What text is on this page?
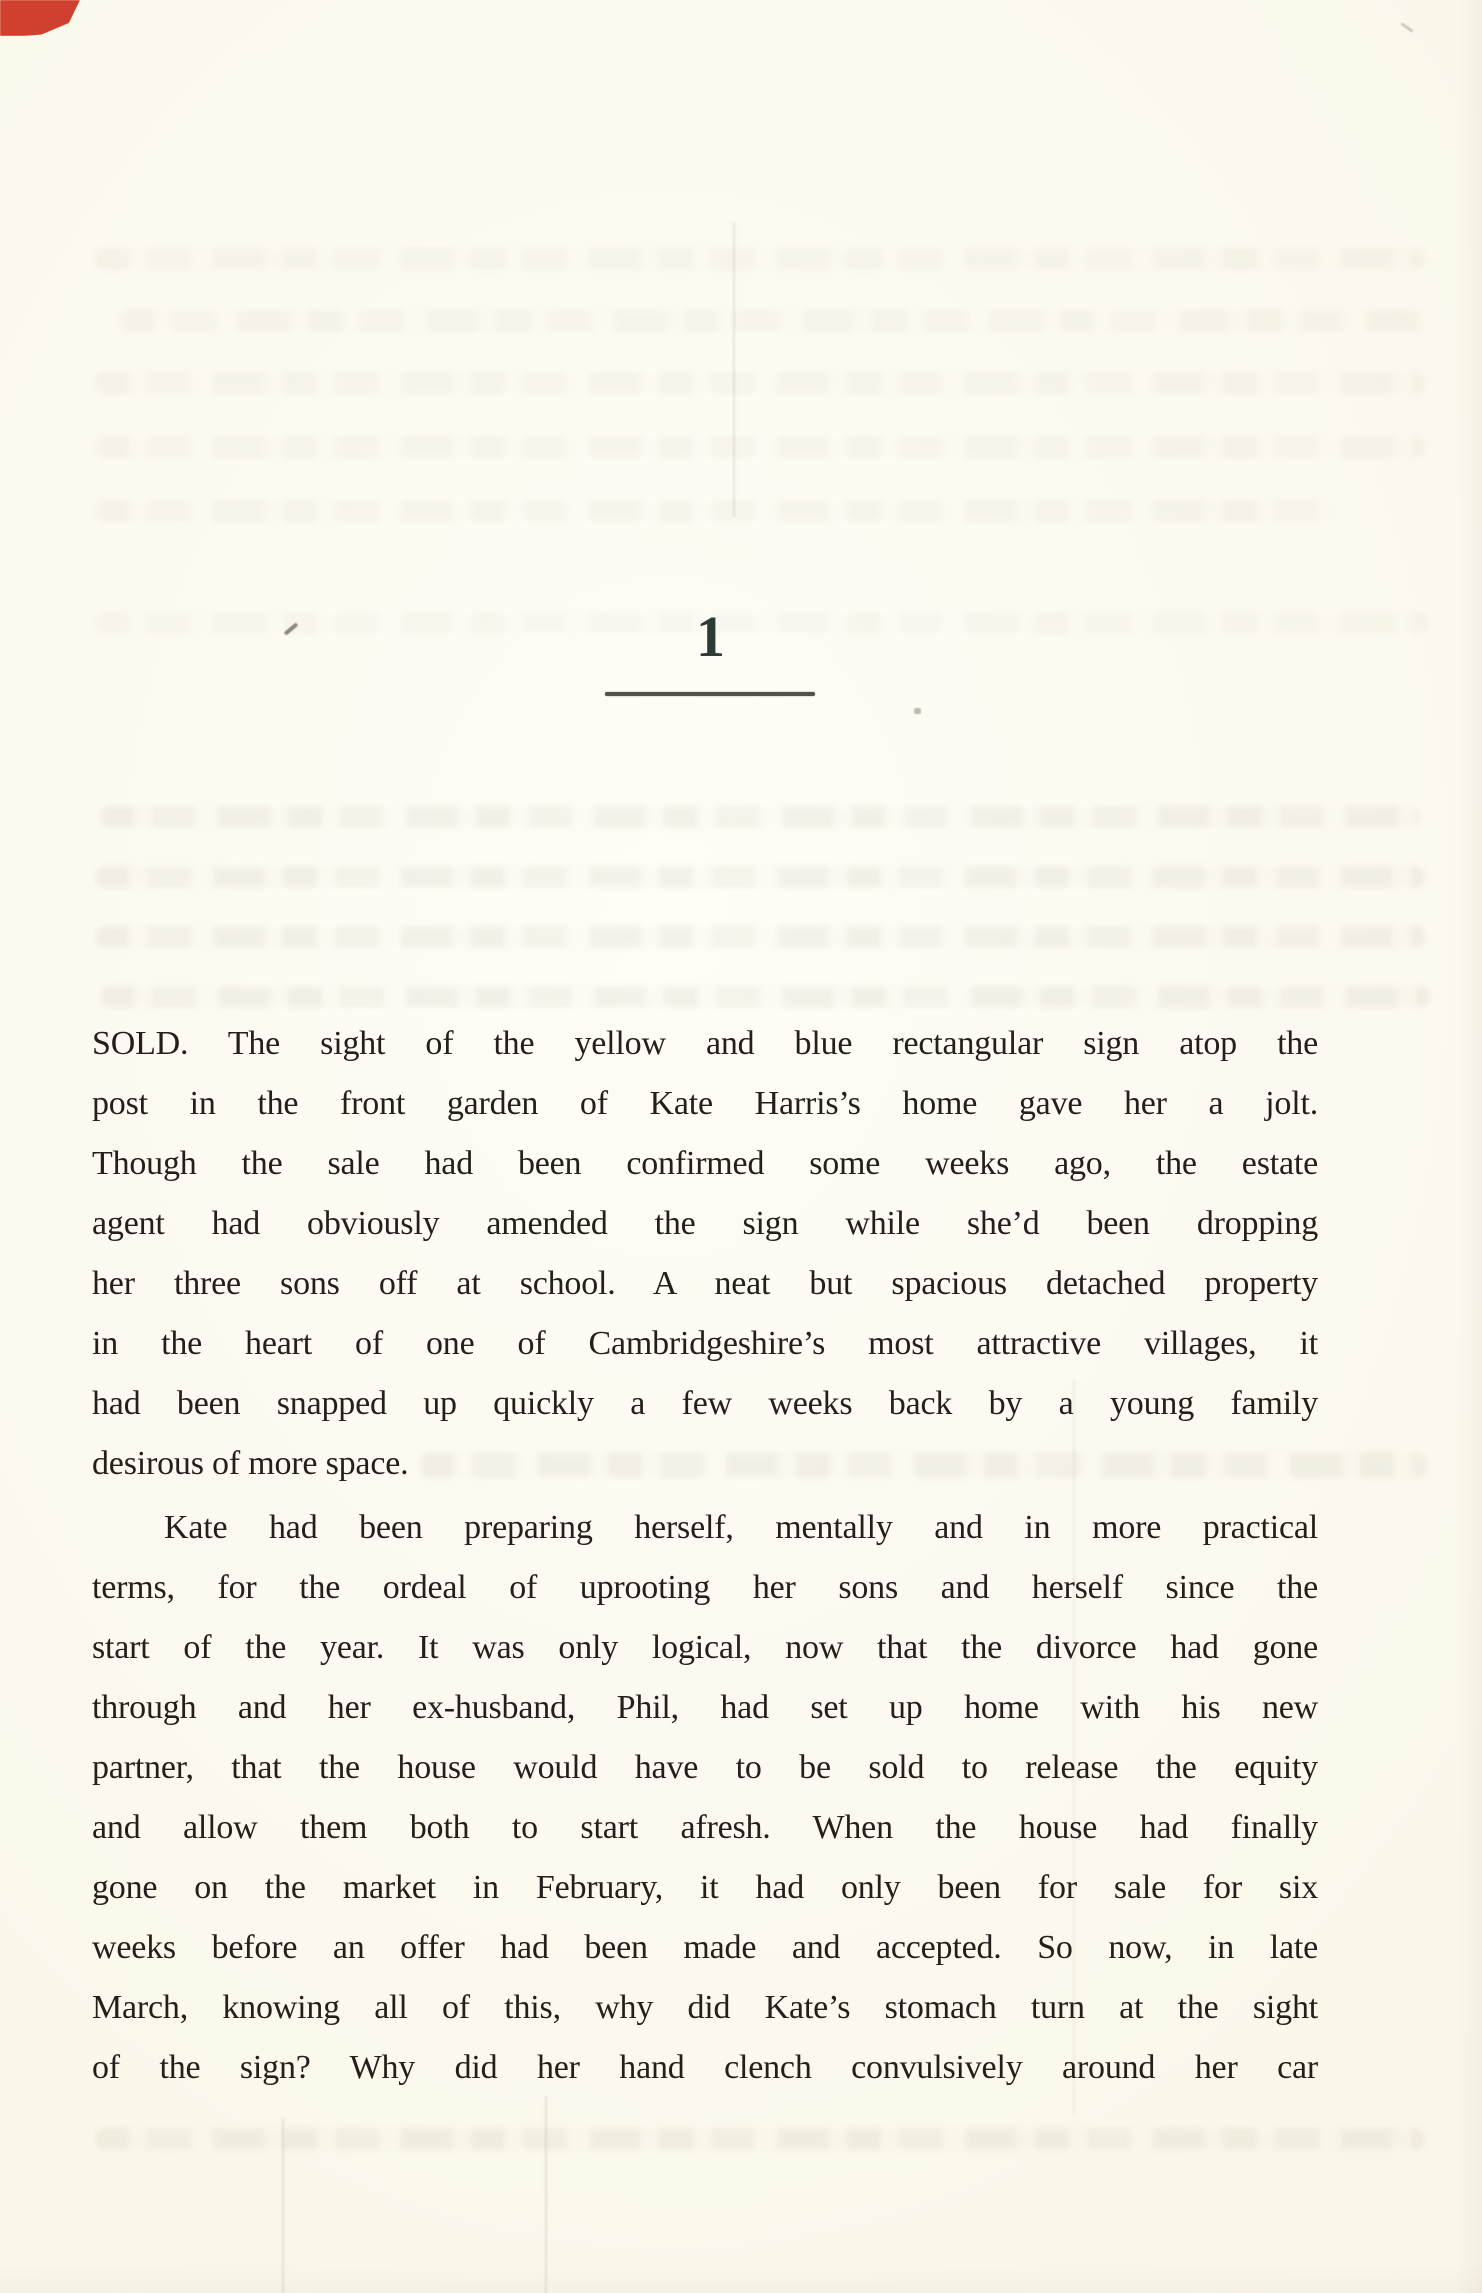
1
SOLD. The sight of the yellow and blue rectangular sign atop the
post in the front garden of Kate Harris’s home gave her a jolt.
Though the sale had been confirmed some weeks ago, the estate
agent had obviously amended the sign while she’d been dropping
her three sons off at school. A neat but spacious detached property
in the heart of one of Cambridgeshire’s most attractive villages, it
had been snapped up quickly a few weeks back by a young family
desirous of more space.
Kate had been preparing herself, mentally and in more practical
terms, for the ordeal of uprooting her sons and herself since the
start of the year. It was only logical, now that the divorce had gone
through and her ex-husband, Phil, had set up home with his new
partner, that the house would have to be sold to release the equity
and allow them both to start afresh. When the house had finally
gone on the market in February, it had only been for sale for six
weeks before an offer had been made and accepted. So now, in late
March, knowing all of this, why did Kate’s stomach turn at the sight
of the sign? Why did her hand clench convulsively around her car
